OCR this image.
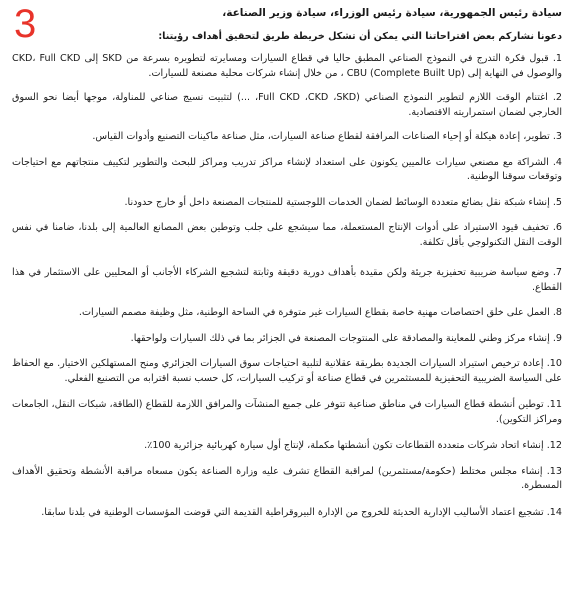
3	سيادة رئيس الجمهورية، سيادة رئيس الوزراء، سيادة وزير الصناعة،
دعونا نشاركم بعض اقتراحاتنا التي يمكن أن تشكل خريطة طريق لتحقيق أهداف رؤيتنا:
1. قبول فكرة التدرج في النموذج الصناعي المطبق حاليا في قطاع السيارات ومسايرته لتطويره بسرعة من SKD إلى CKD، Full CKD والوصول في النهاية إلى CBU (Complete Built Up) ، من خلال إنشاء شركات محلية مصنعة للسيارات.
2. اغتنام الوقت اللازم لتطوير النموذج الصناعي (Full CKD ،CKD ،SKD، ...) لتثبيت نسيج صناعي للمناولة، موجها أيضا نحو السوق الخارجي لضمان استمراريته الاقتصادية.
3. تطوير، إعادة هيكلة أو إحياء الصناعات المرافقة لقطاع صناعة السيارات، مثل صناعة ماكينات التصنيع وأدوات القياس.
4. الشراكة مع مصنعي سيارات عالميين يكونون على استعداد لإنشاء مراكز تدريب ومراكز للبحث والتطوير لتكييف منتجاتهم مع احتياجات وتوقعات سوقنا الوطنية.
5. إنشاء شبكة نقل بضائع متعددة الوسائط لضمان الخدمات اللوجستية للمنتجات المصنعة داخل أو خارج حدودنا.
6. تخفيف قيود الاستيراد على أدوات الإنتاج المستعملة، مما سيشجع على جلب وتوطين بعض المصانع العالمية إلى بلدنا، ضامنا في نفس الوقت النقل التكنولوجي بأقل تكلفة.
7. وضع سياسة ضريبية تحفيزية جريئة ولكن مقيدة بأهداف دورية دقيقة وثابتة لتشجيع الشركاء الأجانب أو المحليين على الاستثمار في هذا القطاع.
8. العمل على خلق اختصاصات مهنية خاصة بقطاع السيارات غير متوفرة في الساحة الوطنية، مثل وظيفة مصمم السيارات.
9. إنشاء مركز وطني للمعاينة والمصادقة على المنتوجات المصنعة في الجزائر بما في ذلك السيارات ولواحقها.
10. إعادة ترخيص استيراد السيارات الجديدة بطريقة عقلانية لتلبية احتياجات سوق السيارات الجزائري ومنح المستهلكين الاختيار. مع الحفاظ على السياسة الضريبية التحفيزية للمستثمرين في قطاع صناعة أو تركيب السيارات، كل حسب نسبة اقترابه من التصنيع الفعلي.
11. توطين أنشطة قطاع السيارات في مناطق صناعية تتوفر على جميع المنشآت والمرافق اللازمة للقطاع (الطاقة، شبكات النقل، الجامعات ومراكز التكوين).
12. إنشاء اتحاد شركات متعددة القطاعات تكون أنشطتها مكملة، لإنتاج أول سيارة كهربائية جزائرية 100٪.
13. إنشاء مجلس مختلط (حكومة/مستثمرين) لمراقبة القطاع تشرف عليه وزارة الصناعة يكون مسعاه مراقبة الأنشطة وتحقيق الأهداف المسطرة.
14. تشجيع اعتماد الأساليب الإدارية الحديثة للخروج من الإدارة البيروقراطية القديمة التي قوضت المؤسسات الوطنية في بلدنا سابقا.
